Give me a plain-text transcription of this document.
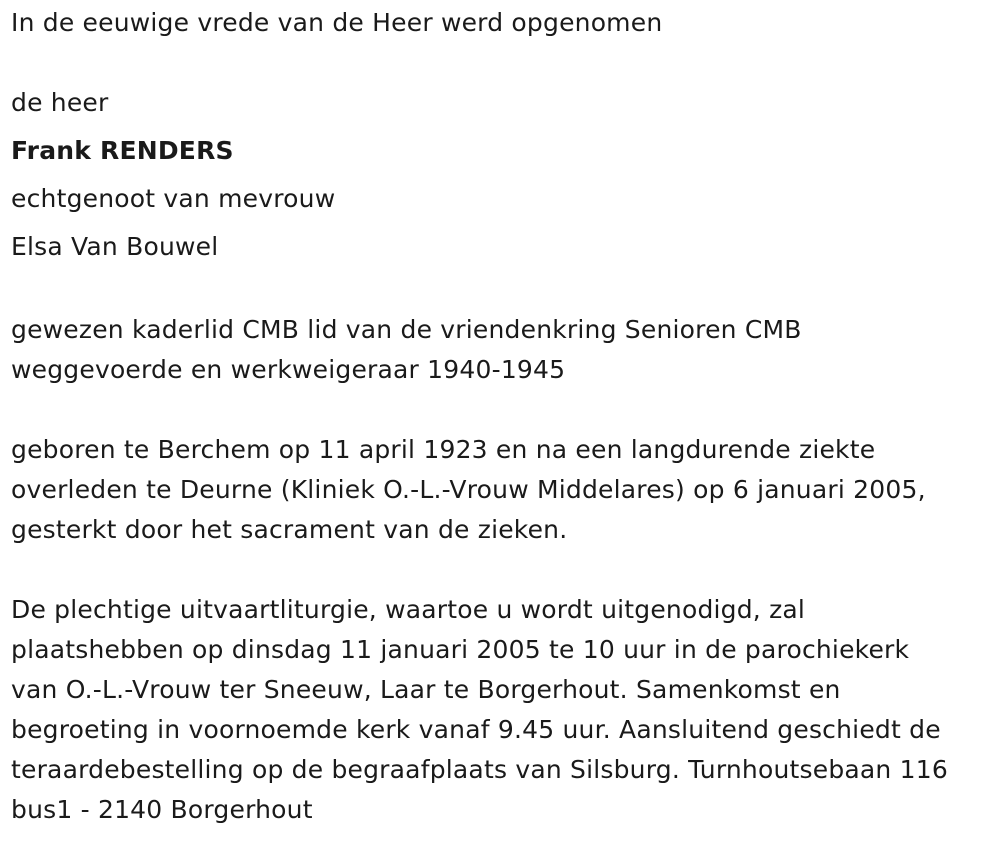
In de eeuwige vrede van de Heer werd opgenomen
de heer
Frank RENDERS
echtgenoot van mevrouw
Elsa Van Bouwel

gewezen kaderlid CMB lid van de vriendenkring Senioren CMB
weggevoerde en werkweigeraar 1940-1945

geboren te Berchem op 11 april 1923 en na een langdurende ziekte
overleden te Deurne (Kliniek O.-L.-Vrouw Middelares) op 6 januari 2005,
gesterkt door het sacrament van de zieken.

De plechtige uitvaartliturgie, waartoe u wordt uitgenodigd, zal
plaatshebben op dinsdag 11 januari 2005 te 10 uur in de parochiekerk
van O.-L.-Vrouw ter Sneeuw, Laar te Borgerhout. Samenkomst en
begroeting in voornoemde kerk vanaf 9.45 uur. Aansluitend geschiedt de
teraardebestelling op de begraafplaats van Silsburg. Turnhoutsebaan 116
bus1 - 2140 Borgerhout
